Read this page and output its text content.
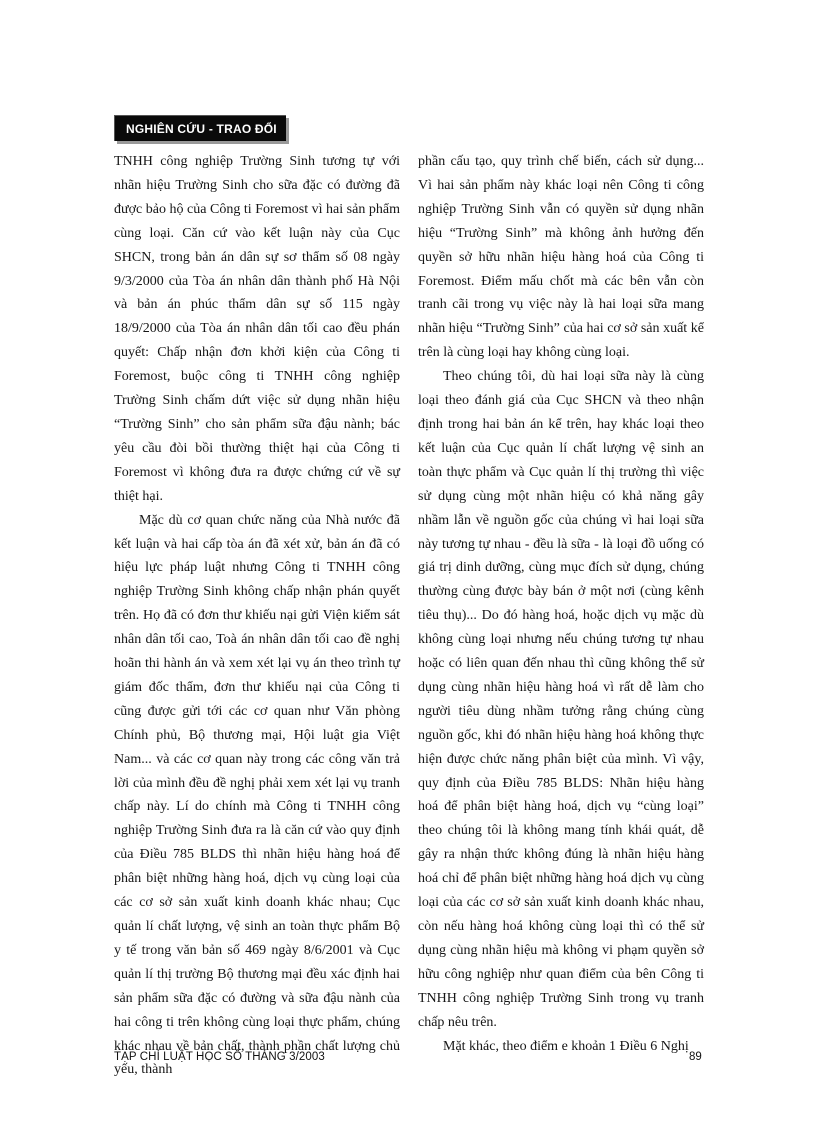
NGHIÊN CỨU - TRAO ĐỔI

TNHH công nghiệp Trường Sinh tương tự với nhãn hiệu Trường Sinh cho sữa đặc có đường đã được bảo hộ của Công ti Foremost vì hai sản phẩm cùng loại. Căn cứ vào kết luận này của Cục SHCN, trong bản án dân sự sơ thẩm số 08 ngày 9/3/2000 của Tòa án nhân dân thành phố Hà Nội và bản án phúc thẩm dân sự số 115 ngày 18/9/2000 của Tòa án nhân dân tối cao đều phán quyết: Chấp nhận đơn khởi kiện của Công ti Foremost, buộc công ti TNHH công nghiệp Trường Sinh chấm dứt việc sử dụng nhãn hiệu “Trường Sinh” cho sản phẩm sữa đậu nành; bác yêu cầu đòi bồi thường thiệt hại của Công ti Foremost vì không đưa ra được chứng cứ về sự thiệt hại.

Mặc dù cơ quan chức năng của Nhà nước đã kết luận và hai cấp tòa án đã xét xử, bản án đã có hiệu lực pháp luật nhưng Công ti TNHH công nghiệp Trường Sinh không chấp nhận phán quyết trên. Họ đã có đơn thư khiếu nại gửi Viện kiểm sát nhân dân tối cao, Toà án nhân dân tối cao đề nghị hoãn thi hành án và xem xét lại vụ án theo trình tự giám đốc thẩm, đơn thư khiếu nại của Công ti cũng được gửi tới các cơ quan như Văn phòng Chính phủ, Bộ thương mại, Hội luật gia Việt Nam... và các cơ quan này trong các công văn trả lời của mình đều đề nghị phải xem xét lại vụ tranh chấp này. Lí do chính mà Công ti TNHH công nghiệp Trường Sinh đưa ra là căn cứ vào quy định của Điều 785 BLDS thì nhãn hiệu hàng hoá để phân biệt những hàng hoá, dịch vụ cùng loại của các cơ sở sản xuất kinh doanh khác nhau; Cục quản lí chất lượng, vệ sinh an toàn thực phẩm Bộ y tế trong văn bản số 469 ngày 8/6/2001 và Cục quản lí thị trường Bộ thương mại đều xác định hai sản phẩm sữa đặc có đường và sữa đậu nành của hai công ti trên không cùng loại thực phẩm, chúng khác nhau về bản chất, thành phần chất lượng chủ yếu, thành

phần cấu tạo, quy trình chế biến, cách sử dụng... Vì hai sản phẩm này khác loại nên Công ti công nghiệp Trường Sinh vẫn có quyền sử dụng nhãn hiệu “Trường Sinh” mà không ảnh hưởng đến quyền sở hữu nhãn hiệu hàng hoá của Công ti Foremost. Điểm mấu chốt mà các bên vẫn còn tranh cãi trong vụ việc này là hai loại sữa mang nhãn hiệu “Trường Sinh” của hai cơ sở sản xuất kể trên là cùng loại hay không cùng loại.

Theo chúng tôi, dù hai loại sữa này là cùng loại theo đánh giá của Cục SHCN và theo nhận định trong hai bản án kể trên, hay khác loại theo kết luận của Cục quản lí chất lượng vệ sinh an toàn thực phẩm và Cục quản lí thị trường thì việc sử dụng cùng một nhãn hiệu có khả năng gây nhầm lẫn về nguồn gốc của chúng vì hai loại sữa này tương tự nhau - đều là sữa - là loại đồ uống có giá trị dinh dưỡng, cùng mục đích sử dụng, chúng thường cùng được bày bán ở một nơi (cùng kênh tiêu thụ)... Do đó hàng hoá, hoặc dịch vụ mặc dù không cùng loại nhưng nếu chúng tương tự nhau hoặc có liên quan đến nhau thì cũng không thể sử dụng cùng nhãn hiệu hàng hoá vì rất dễ làm cho người tiêu dùng nhầm tưởng rằng chúng cùng nguồn gốc, khi đó nhãn hiệu hàng hoá không thực hiện được chức năng phân biệt của mình. Vì vậy, quy định của Điều 785 BLDS: Nhãn hiệu hàng hoá để phân biệt hàng hoá, dịch vụ “cùng loại” theo chúng tôi là không mang tính khái quát, dễ gây ra nhận thức không đúng là nhãn hiệu hàng hoá chỉ để phân biệt những hàng hoá dịch vụ cùng loại của các cơ sở sản xuất kinh doanh khác nhau, còn nếu hàng hoá không cùng loại thì có thể sử dụng cùng nhãn hiệu mà không vi phạm quyền sở hữu công nghiệp như quan điểm của bên Công ti TNHH công nghiệp Trường Sinh trong vụ tranh chấp nêu trên.

Mặt khác, theo điểm e khoản 1 Điều 6 Nghị

TẠP CHÍ LUẬT HỌC SỐ THÁNG 3/2003	89
